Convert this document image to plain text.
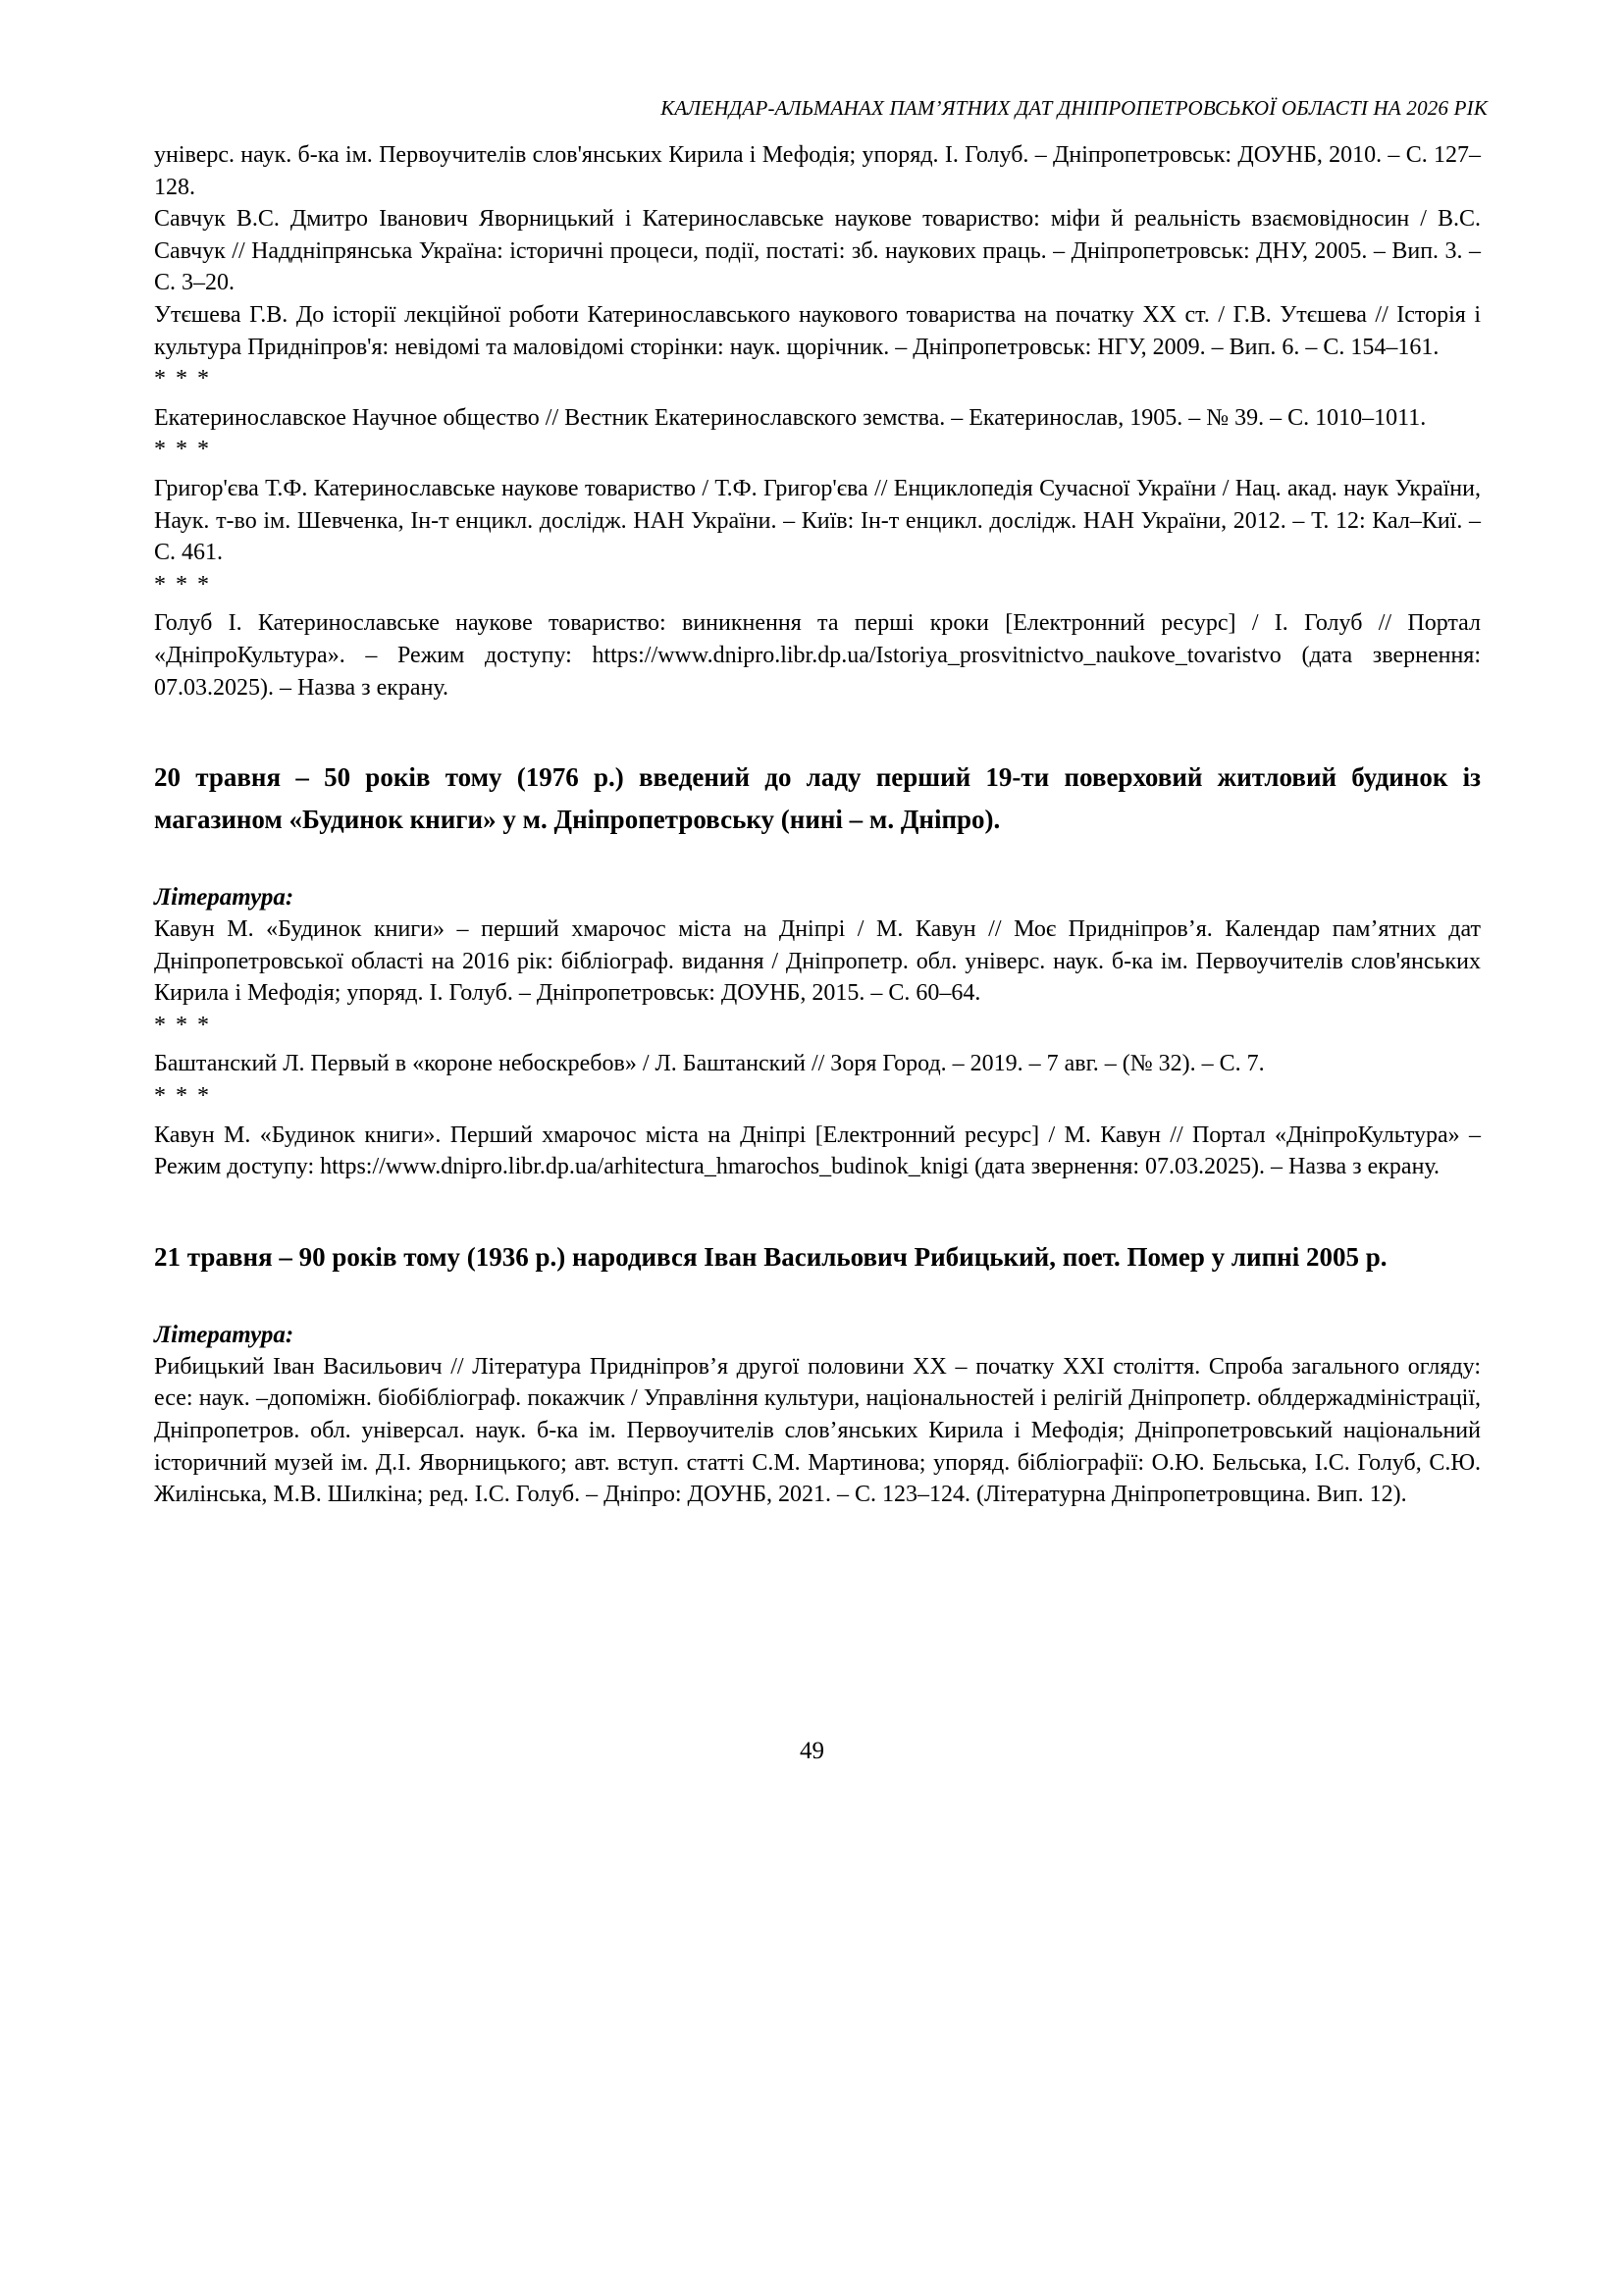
КАЛЕНДАР-АЛЬМАНАХ ПАМ’ЯТНИХ ДАТ ДНІПРОПЕТРОВСЬКОЇ ОБЛАСТІ НА 2026 РІК

універс. наук. б-ка ім. Первоучителів слов'янських Кирила і Мефодія; упоряд. І. Голуб. – Дніпропетровськ: ДОУНБ, 2010. – С. 127–128.

Савчук В.С. Дмитро Іванович Яворницький і Катеринославське наукове товариство: міфи й реальність взаємовідносин / В.С. Савчук // Наддніпрянська Україна: історичні процеси, події, постаті: зб. наукових праць. – Дніпропетровськ: ДНУ, 2005. – Вип. 3. – С. 3–20.

Утєшева Г.В. До історії лекційної роботи Катеринославського наукового товариства на початку ХХ ст. / Г.В. Утєшева // Історія і культура Придніпров'я: невідомі та маловідомі сторінки: наук. щорічник. – Дніпропетровськ: НГУ, 2009. – Вип. 6. – С. 154–161.

* * *

Екатеринославское Научное общество // Вестник Екатеринославского земства. – Екатеринослав, 1905. – № 39. – С. 1010–1011.

* * *

Григор'єва Т.Ф. Катеринославське наукове товариство / Т.Ф. Григор'єва // Енциклопедія Сучасної України / Нац. акад. наук України, Наук. т-во ім. Шевченка, Ін-т енцикл. дослідж. НАН України. – Київ: Ін-т енцикл. дослідж. НАН України, 2012. – Т. 12: Кал–Киї. – С. 461.

* * *

Голуб І. Катеринославське наукове товариство: виникнення та перші кроки [Електронний ресурс] / І. Голуб // Портал «ДніпроКультура». – Режим доступу: https://www.dnipro.libr.dp.ua/Istoriya_prosvitnictvo_naukove_tovaristvo (дата звернення: 07.03.2025). – Назва з екрану.

20 травня – 50 років тому (1976 р.) введений до ладу перший 19-ти поверховий житловий будинок із магазином «Будинок книги» у м. Дніпропетровську (нині – м. Дніпро).

Література:

Кавун М. «Будинок книги» – перший хмарочос міста на Дніпрі / М. Кавун // Моє Придніпров’я. Календар пам’ятних дат Дніпропетровської області на 2016 рік: бібліограф. видання / Дніпропетр. обл. універс. наук. б-ка ім. Первоучителів слов'янських Кирила і Мефодія; упоряд. І. Голуб. – Дніпропетровськ: ДОУНБ, 2015. – С. 60–64.

* * *

Баштанский Л. Первый в «короне небоскребов» / Л. Баштанский // Зоря Город. – 2019. – 7 авг. – (№ 32). – С. 7.

* * *

Кавун М. «Будинок книги». Перший хмарочос міста на Дніпрі [Електронний ресурс] / М. Кавун // Портал «ДніпроКультура» – Режим доступу: https://www.dnipro.libr.dp.ua/arhitectura_hmarochos_budinok_knigi (дата звернення: 07.03.2025). – Назва з екрану.

21 травня – 90 років тому (1936 р.) народився Іван Васильович Рибицький, поет. Помер у липні 2005 р.

Література:

Рибицький Іван Васильович // Література Придніпров’я другої половини ХХ – початку ХХІ століття. Спроба загального огляду: есе: наук. –допоміжн. біобібліограф. покажчик / Управління культури, національностей і релігій Дніпропетр. облдержадміністрації, Дніпропетров. обл. універсал. наук. б-ка ім. Первоучителів слов’янських Кирила і Мефодія; Дніпропетровський національний історичний музей ім. Д.І. Яворницького; авт. вступ. статті С.М. Мартинова; упоряд. бібліографії: О.Ю. Бельська, І.С. Голуб, С.Ю. Жилінська, М.В. Шилкіна; ред. І.С. Голуб. – Дніпро: ДОУНБ, 2021. – С. 123–124. (Літературна Дніпропетровщина. Вип. 12).

49
